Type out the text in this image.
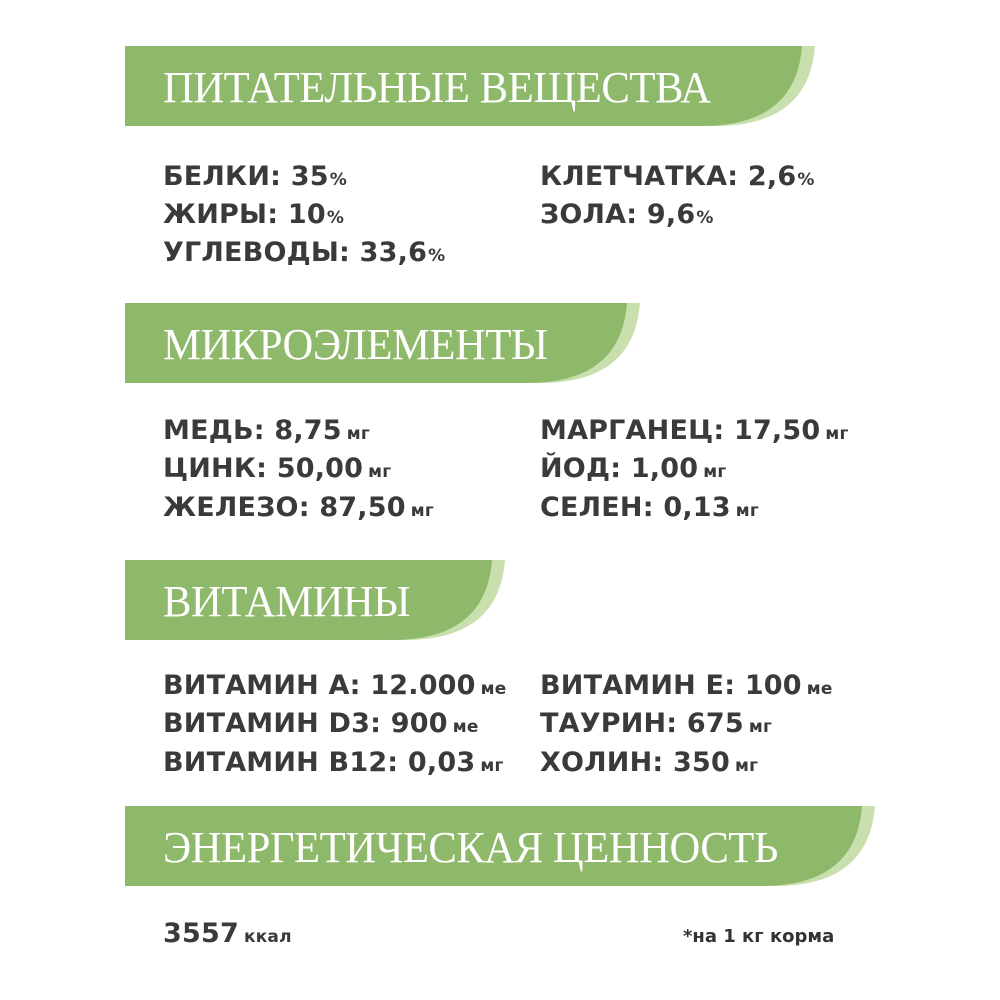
ПИТАТЕЛЬНЫЕ ВЕЩЕСТВА
БЕЛКИ: 35%
ЖИРЫ: 10%
УГЛЕВОДЫ: 33,6%
КЛЕТЧАТКА: 2,6%
ЗОЛА: 9,6%
МИКРОЭЛЕМЕНТЫ
МЕДЬ: 8,75 мг
ЦИНК: 50,00 мг
ЖЕЛЕЗО: 87,50 мг
МАРГАНЕЦ: 17,50 мг
ЙОД: 1,00 мг
СЕЛЕН: 0,13 мг
ВИТАМИНЫ
ВИТАМИН А: 12.000 ме
ВИТАМИН D3: 900 ме
ВИТАМИН В12: 0,03 мг
ВИТАМИН Е: 100 ме
ТАУРИН: 675 мг
ХОЛИН: 350 мг
ЭНЕРГЕТИЧЕСКАЯ ЦЕННОСТЬ
3557 ккал	*на 1 кг корма
